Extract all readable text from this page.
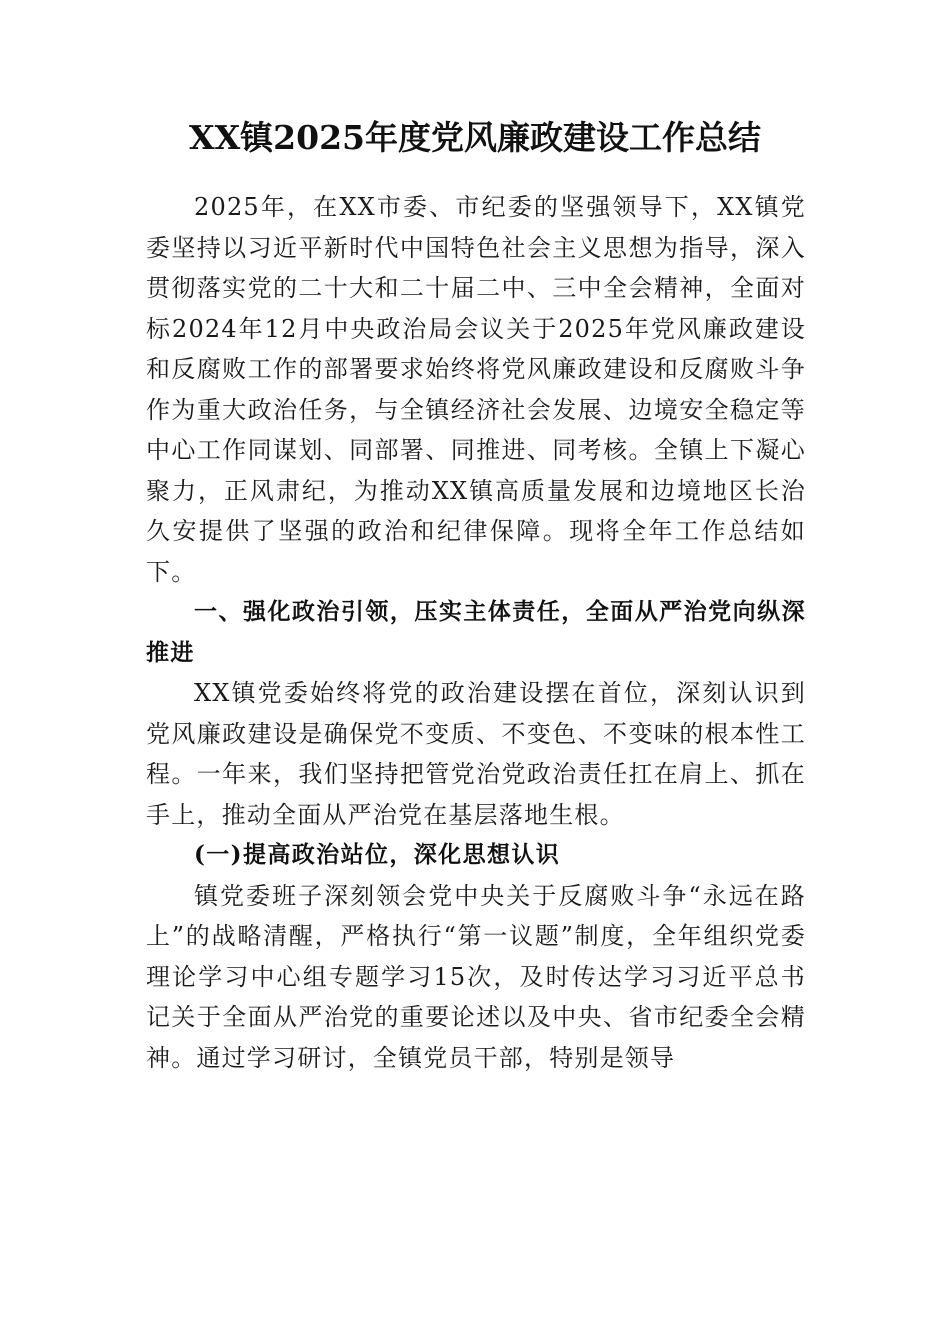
XX镇2025年度党风廉政建设工作总结

2025年，在XX市委、市纪委的坚强领导下，XX镇党委坚持以习近平新时代中国特色社会主义思想为指导，深入贯彻落实党的二十大和二十届二中、三中全会精神，全面对标2024年12月中央政治局会议关于2025年党风廉政建设和反腐败工作的部署要求始终将党风廉政建设和反腐败斗争作为重大政治任务，与全镇经济社会发展、边境安全稳定等中心工作同谋划、同部署、同推进、同考核。全镇上下凝心聚力，正风肃纪，为推动XX镇高质量发展和边境地区长治久安提供了坚强的政治和纪律保障。现将全年工作总结如下。

一、强化政治引领，压实主体责任，全面从严治党向纵深推进

XX镇党委始终将党的政治建设摆在首位，深刻认识到党风廉政建设是确保党不变质、不变色、不变味的根本性工程。一年来，我们坚持把管党治党政治责任扛在肩上、抓在手上，推动全面从严治党在基层落地生根。

(一)提高政治站位，深化思想认识

镇党委班子深刻领会党中央关于反腐败斗争“永远在路上”的战略清醒，严格执行“第一议题”制度，全年组织党委理论学习中心组专题学习15次，及时传达学习习近平总书记关于全面从严治党的重要论述以及中央、省市纪委全会精神。通过学习研讨，全镇党员干部，特别是领导
